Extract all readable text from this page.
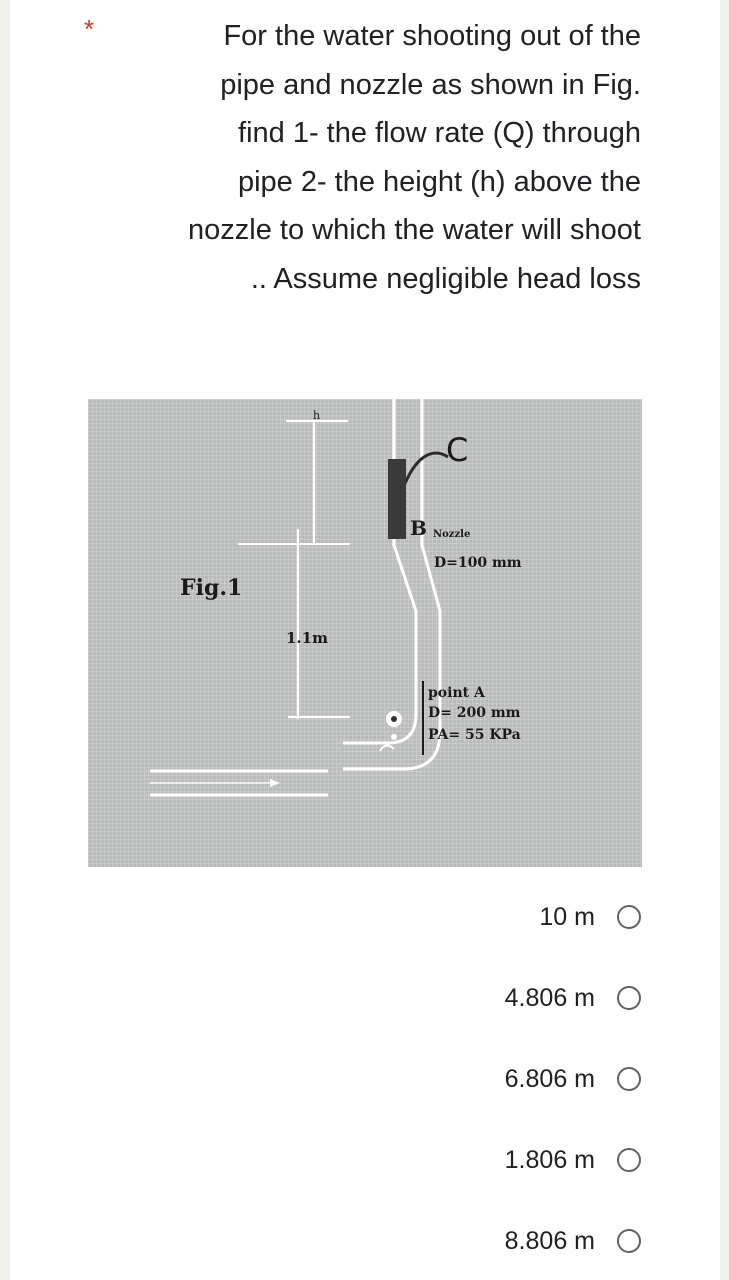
*	For the water shooting out of the
pipe and nozzle as shown in Fig.
find 1- the flow rate (Q) through
pipe 2- the height (h) above the
nozzle to which the water will shoot
.. Assume negligible head loss
Fig.1
C
B Nozzle
D=100 mm
h
1.1m
point A
D= 200 mm
PA= 55 KPa
10 m
4.806 m
6.806 m
1.806 m
8.806 m
